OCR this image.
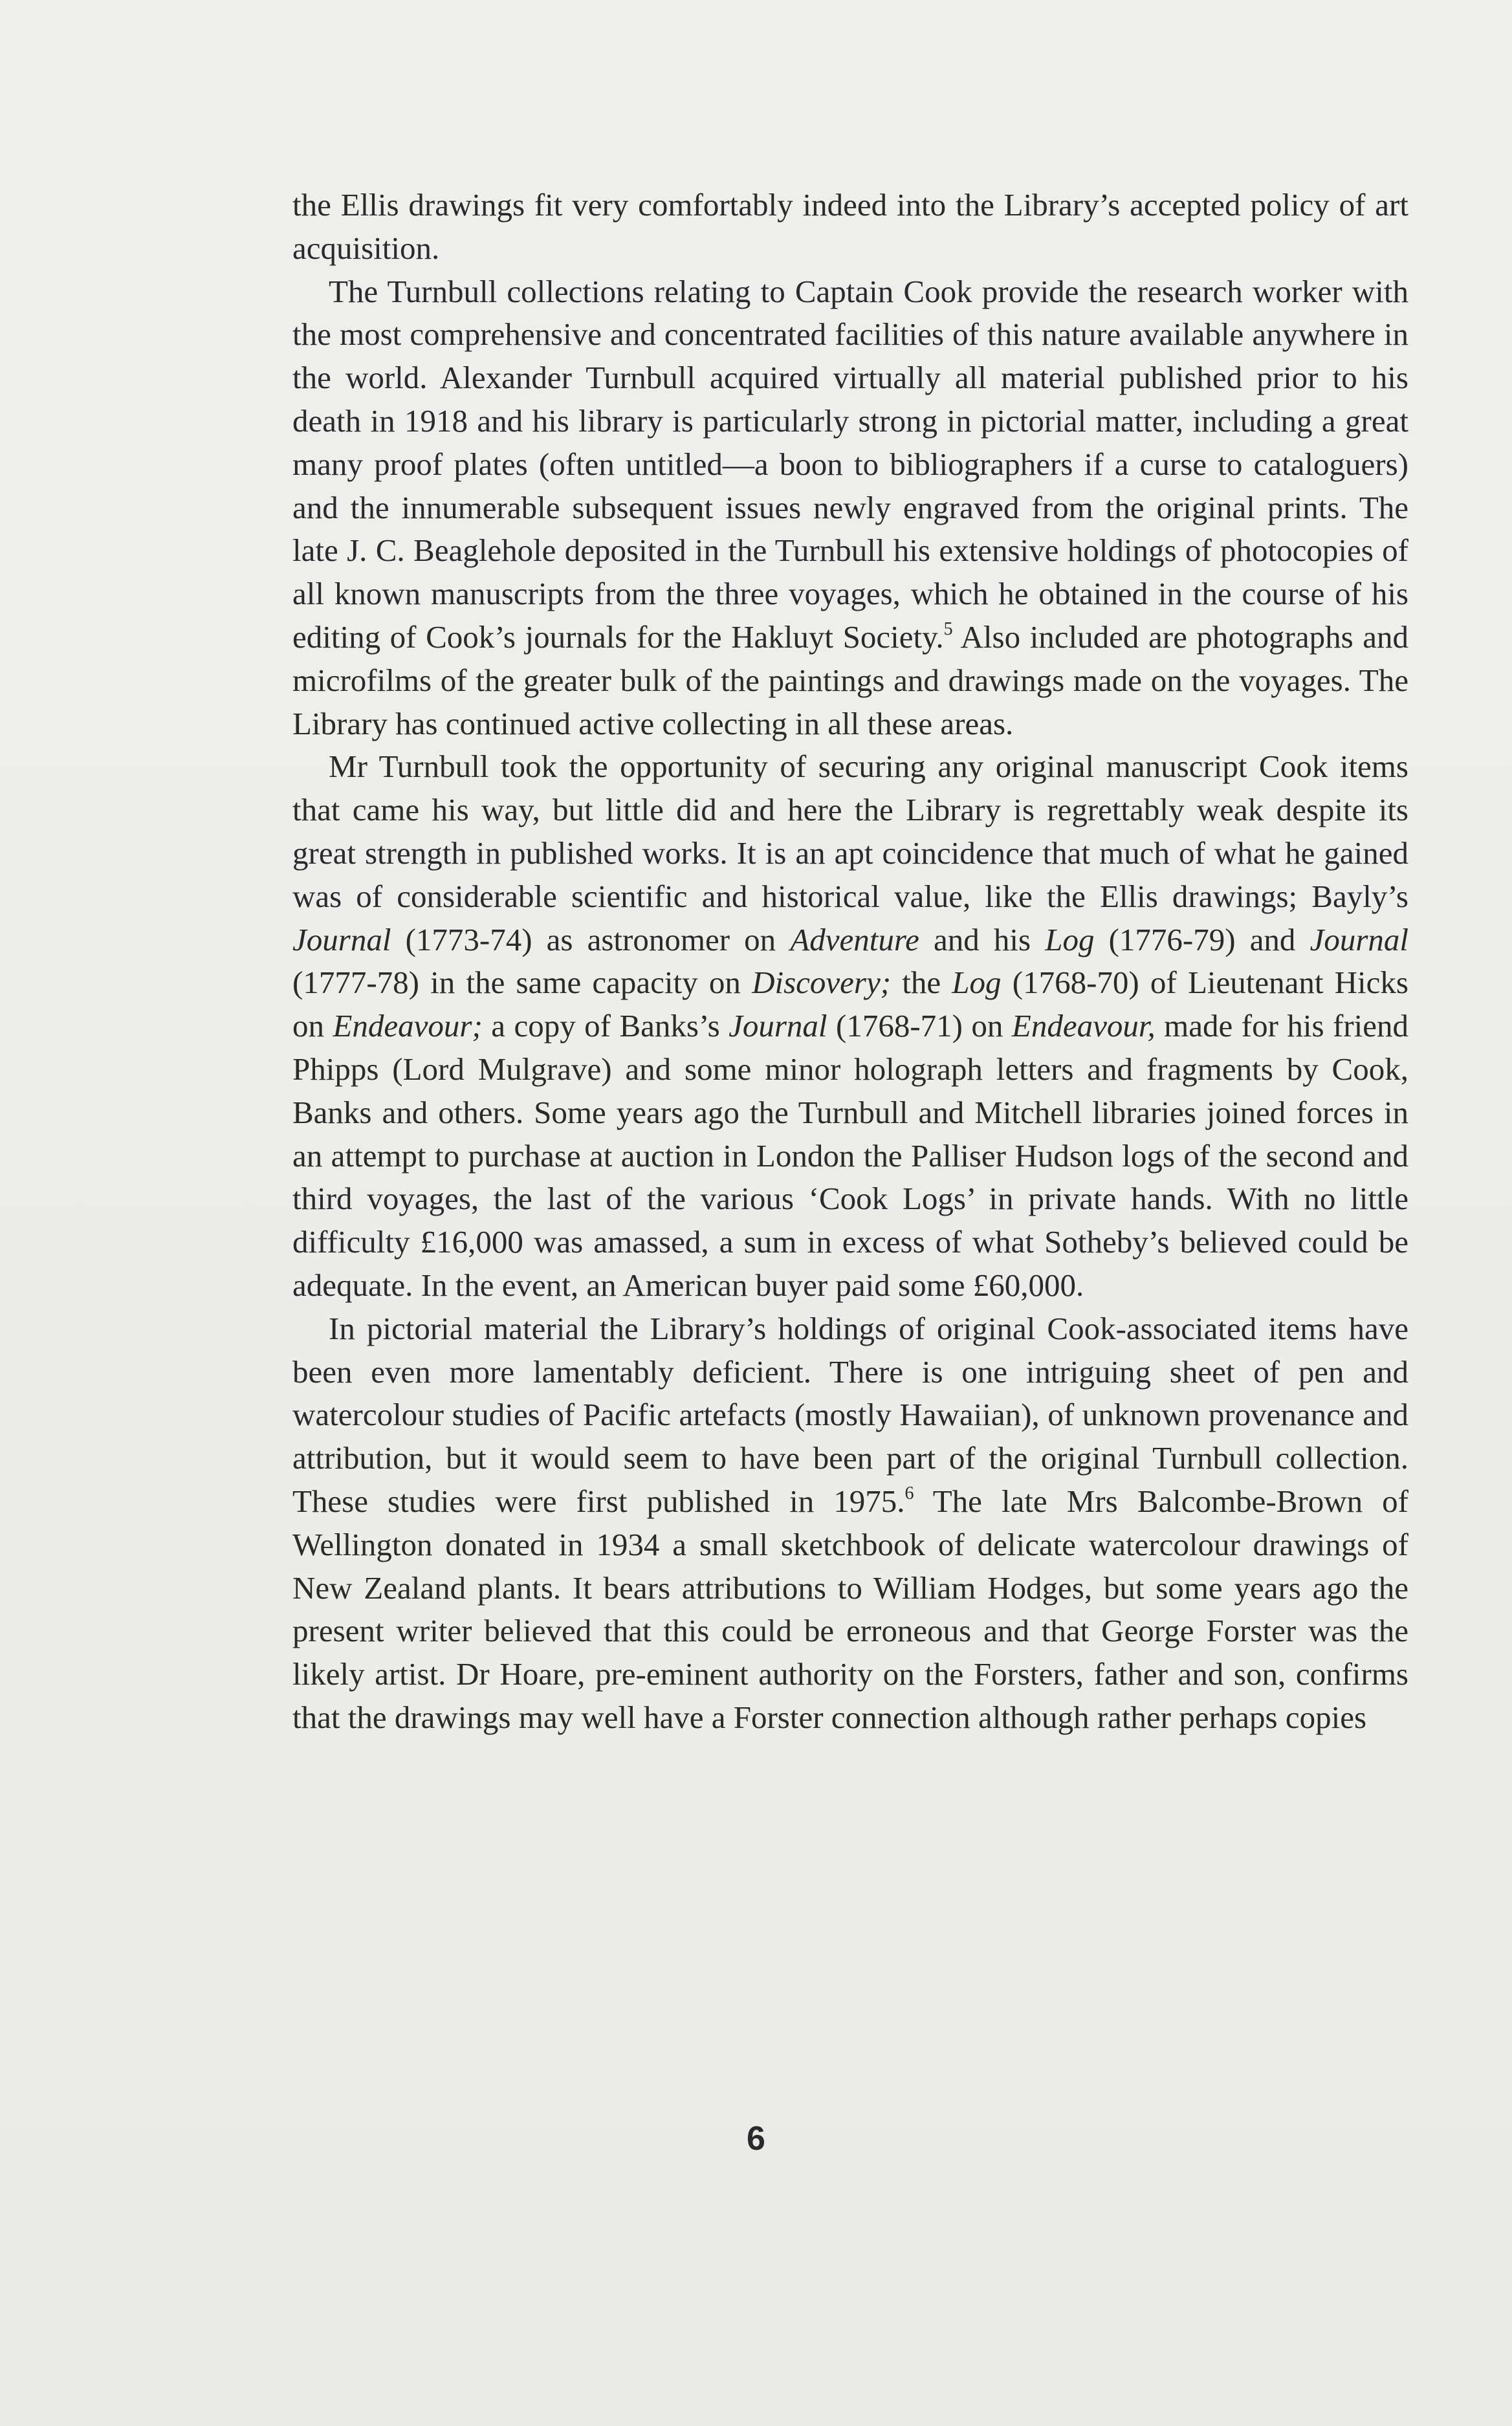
the Ellis drawings fit very comfortably indeed into the Library’s accepted policy of art acquisition.

The Turnbull collections relating to Captain Cook provide the research worker with the most comprehensive and concentrated facilities of this nature available anywhere in the world. Alexander Turnbull acquired virtually all material published prior to his death in 1918 and his library is particularly strong in pictorial matter, including a great many proof plates (often untitled—a boon to bibliographers if a curse to cataloguers) and the innumerable subsequent issues newly engraved from the original prints. The late J. C. Beaglehole deposited in the Turnbull his extensive holdings of photocopies of all known manuscripts from the three voyages, which he obtained in the course of his editing of Cook’s journals for the Hakluyt Society.$^5$ Also included are photographs and microfilms of the greater bulk of the paintings and drawings made on the voyages. The Library has continued active collecting in all these areas.

Mr Turnbull took the opportunity of securing any original manuscript Cook items that came his way, but little did and here the Library is regrettably weak despite its great strength in published works. It is an apt coincidence that much of what he gained was of considerable scientific and historical value, like the Ellis drawings; Bayly’s Journal (1773-74) as astronomer on Adventure and his Log (1776-79) and Journal (1777-78) in the same capacity on Discovery; the Log (1768-70) of Lieutenant Hicks on Endeavour; a copy of Banks’s Journal (1768-71) on Endeavour, made for his friend Phipps (Lord Mulgrave) and some minor holograph letters and fragments by Cook, Banks and others. Some years ago the Turnbull and Mitchell libraries joined forces in an attempt to purchase at auction in London the Palliser Hudson logs of the second and third voyages, the last of the various ‘Cook Logs’ in private hands. With no little difficulty £16,000 was amassed, a sum in excess of what Sotheby’s believed could be adequate. In the event, an American buyer paid some £60,000.

In pictorial material the Library’s holdings of original Cook-associated items have been even more lamentably deficient. There is one intriguing sheet of pen and watercolour studies of Pacific artefacts (mostly Hawaiian), of unknown provenance and attribution, but it would seem to have been part of the original Turnbull collection. These studies were first published in 1975.$^6$ The late Mrs Balcombe-Brown of Wellington donated in 1934 a small sketchbook of delicate watercolour drawings of New Zealand plants. It bears attributions to William Hodges, but some years ago the present writer believed that this could be erroneous and that George Forster was the likely artist. Dr Hoare, pre-eminent authority on the Forsters, father and son, confirms that the drawings may well have a Forster connection although rather perhaps copies

6
